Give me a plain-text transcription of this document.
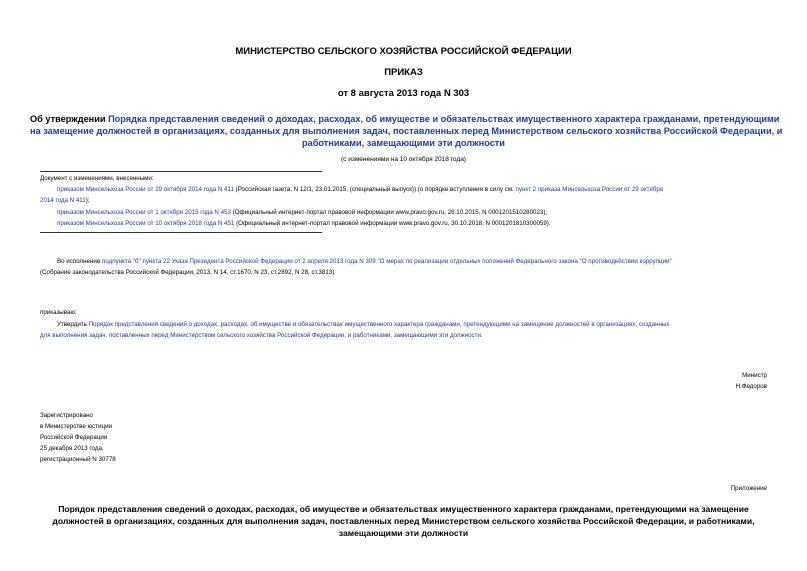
МИНИСТЕРСТВО СЕЛЬСКОГО ХОЗЯЙСТВА РОССИЙСКОЙ ФЕДЕРАЦИИ
ПРИКАЗ
от 8 августа 2013 года N 303
Об утверждении Порядка представления сведений о доходах, расходах, об имуществе и обязательствах имущественного характера гражданами, претендующими
на замещение должностей в организациях, созданных для выполнения задач, поставленных перед Министерством сельского хозяйства Российской Федерации, и
работниками, замещающими эти должности
(с изменениями на 10 октября 2018 года)
Документ с изменениями, внесенными:
приказом Минсельхоза России от 29 октября 2014 года N 411 (Российская газета, N 12/1, 23.01.2015, (специальный выпуск)) (о порядке вступления в силу см. пункт 2 приказа Минсельхоза России от 29 октября
2014 года N 411);
приказом Минсельхоза России от 1 октября 2015 года N 453 (Официальный интернет-портал правовой информации www.pravo.gov.ru, 28.10.2015, N 0001201510280023);
приказом Минсельхоза России от 10 октября 2018 года N 451 (Официальный интернет-портал правовой информации www.pravo.gov.ru, 30.10.2018, N 0001201810300059).
Во исполнение подпункта "б" пункта 22 Указа Президента Российской Федерации от 2 апреля 2013 года N 309 "О мерах по реализации отдельных положений Федерального закона "О противодействии коррупции"
(Собрание законодательства Российской Федерации, 2013, N 14, ст.1670, N 23, ст.2892, N 28, ст.3813)
приказываю:
Утвердить Порядок представления сведений о доходах, расходах, об имуществе и обязательствах имущественного характера гражданами, претендующими на замещение должностей в организациях, созданных
для выполнения задач, поставленных перед Министерством сельского хозяйства Российской Федерации, и работниками, замещающими эти должности.
Министр
Н.Федоров
Зарегистрировано
в Министерстве юстиции
Российской Федерации
25 декабря 2013 года,
регистрационный N 30778
Приложение
Порядок представления сведений о доходах, расходах, об имуществе и обязательствах имущественного характера гражданами, претендующими на замещение
должностей в организациях, созданных для выполнения задач, поставленных перед Министерством сельского хозяйства Российской Федерации, и работниками,
замещающими эти должности
